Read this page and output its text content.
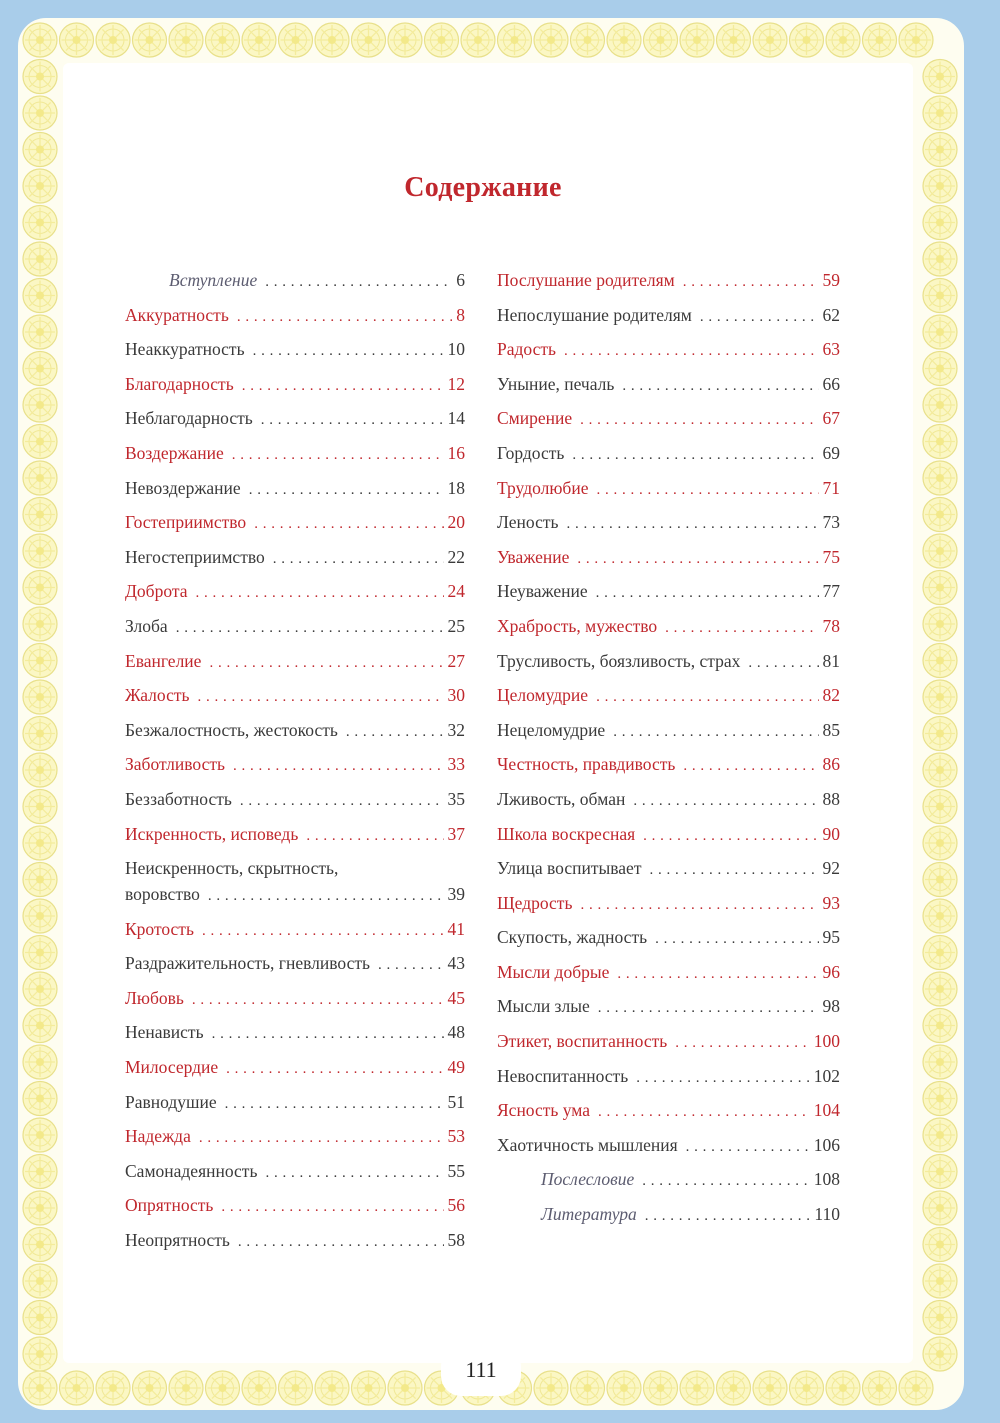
Содержание
Вступление . . .	6
Аккуратность . . .	8
Неаккуратность . . .	10
Благодарность . . .	12
Неблагодарность . . .	14
Воздержание . . .	16
Невоздержание . . .	18
Гостеприимство . . .	20
Негостеприимство . . .	22
Доброта . . .	24
Злоба . . .	25
Евангелие . . .	27
Жалость . . .	30
Безжалостность, жестокость . . .	32
Заботливость . . .	33
Беззаботность . . .	35
Искренность, исповедь . . .	37
Неискренность, скрытность,
воровство . . .	39
Кротость . . .	41
Раздражительность, гневливость . . .	43
Любовь . . .	45
Ненависть . . .	48
Милосердие . . .	49
Равнодушие . . .	51
Надежда . . .	53
Самонадеянность . . .	55
Опрятность . . .	56
Неопрятность . . .	58
Послушание родителям . . .	59
Непослушание родителям . . .	62
Радость . . .	63
Уныние, печаль . . .	66
Смирение . . .	67
Гордость . . .	69
Трудолюбие . . .	71
Леность . . .	73
Уважение . . .	75
Неуважение . . .	77
Храбрость, мужество . . .	78
Трусливость, боязливость, страх . . .	81
Целомудрие . . .	82
Нецеломудрие . . .	85
Честность, правдивость . . .	86
Лживость, обман . . .	88
Школа воскресная . . .	90
Улица воспитывает . . .	92
Щедрость . . .	93
Скупость, жадность . . .	95
Мысли добрые . . .	96
Мысли злые . . .	98
Этикет, воспитанность . . .	100
Невоспитанность . . .	102
Ясность ума . . .	104
Хаотичность мышления . . .	106
Послесловие . . .	108
Литература . . .	110
111
